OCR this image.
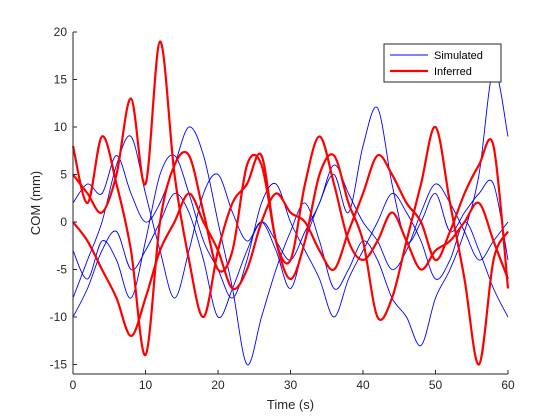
0	10	20	30	40	50	60
-15
-10
-5
0
5
10
15
20
Time (s)
COM (mm)
Simulated
Inferred
